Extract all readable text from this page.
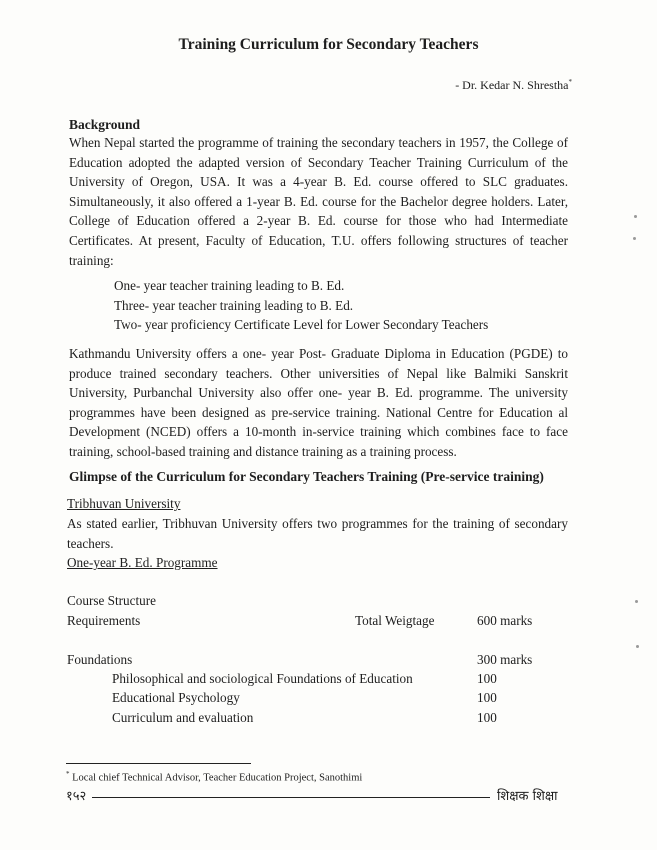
Training Curriculum for Secondary Teachers
- Dr. Kedar N. Shrestha*
Background

When Nepal started the programme of training the secondary teachers in 1957, the College of Education adopted the adapted version of Secondary Teacher Training Curriculum of the University of Oregon, USA. It was a 4-year B. Ed. course offered to SLC graduates. Simultaneously, it also offered a 1-year B. Ed. course for the Bachelor degree holders. Later, College of Education offered a 2-year B. Ed. course for those who had Intermediate Certificates. At present, Faculty of Education, T.U. offers following structures of teacher training:

One- year teacher training leading to B. Ed.
Three- year teacher training leading to B. Ed.
Two- year proficiency Certificate Level for Lower Secondary Teachers

Kathmandu University offers a one- year Post- Graduate Diploma in Education (PGDE) to produce trained secondary teachers. Other universities of Nepal like Balmiki Sanskrit University, Purbanchal University also offer one- year B. Ed. programme. The university programmes have been designed as pre-service training. National Centre for Education al Development (NCED) offers a 10-month in-service training which combines face to face training, school-based training and distance training as a training process.

Glimpse of the Curriculum for Secondary Teachers Training (Pre-service training)
Tribhuvan University

As stated earlier, Tribhuvan University offers two programmes for the training of secondary teachers.

One-year B. Ed. Programme
Course Structure
Requirements	Total Weigtage	600 marks
Foundations	300 marks
Philosophical and sociological Foundations of Education	100
Educational Psychology	100
Curriculum and evaluation	100
* Local chief Technical Advisor, Teacher Education Project, Sanothimi
१५२	शिक्षक शिक्षा
